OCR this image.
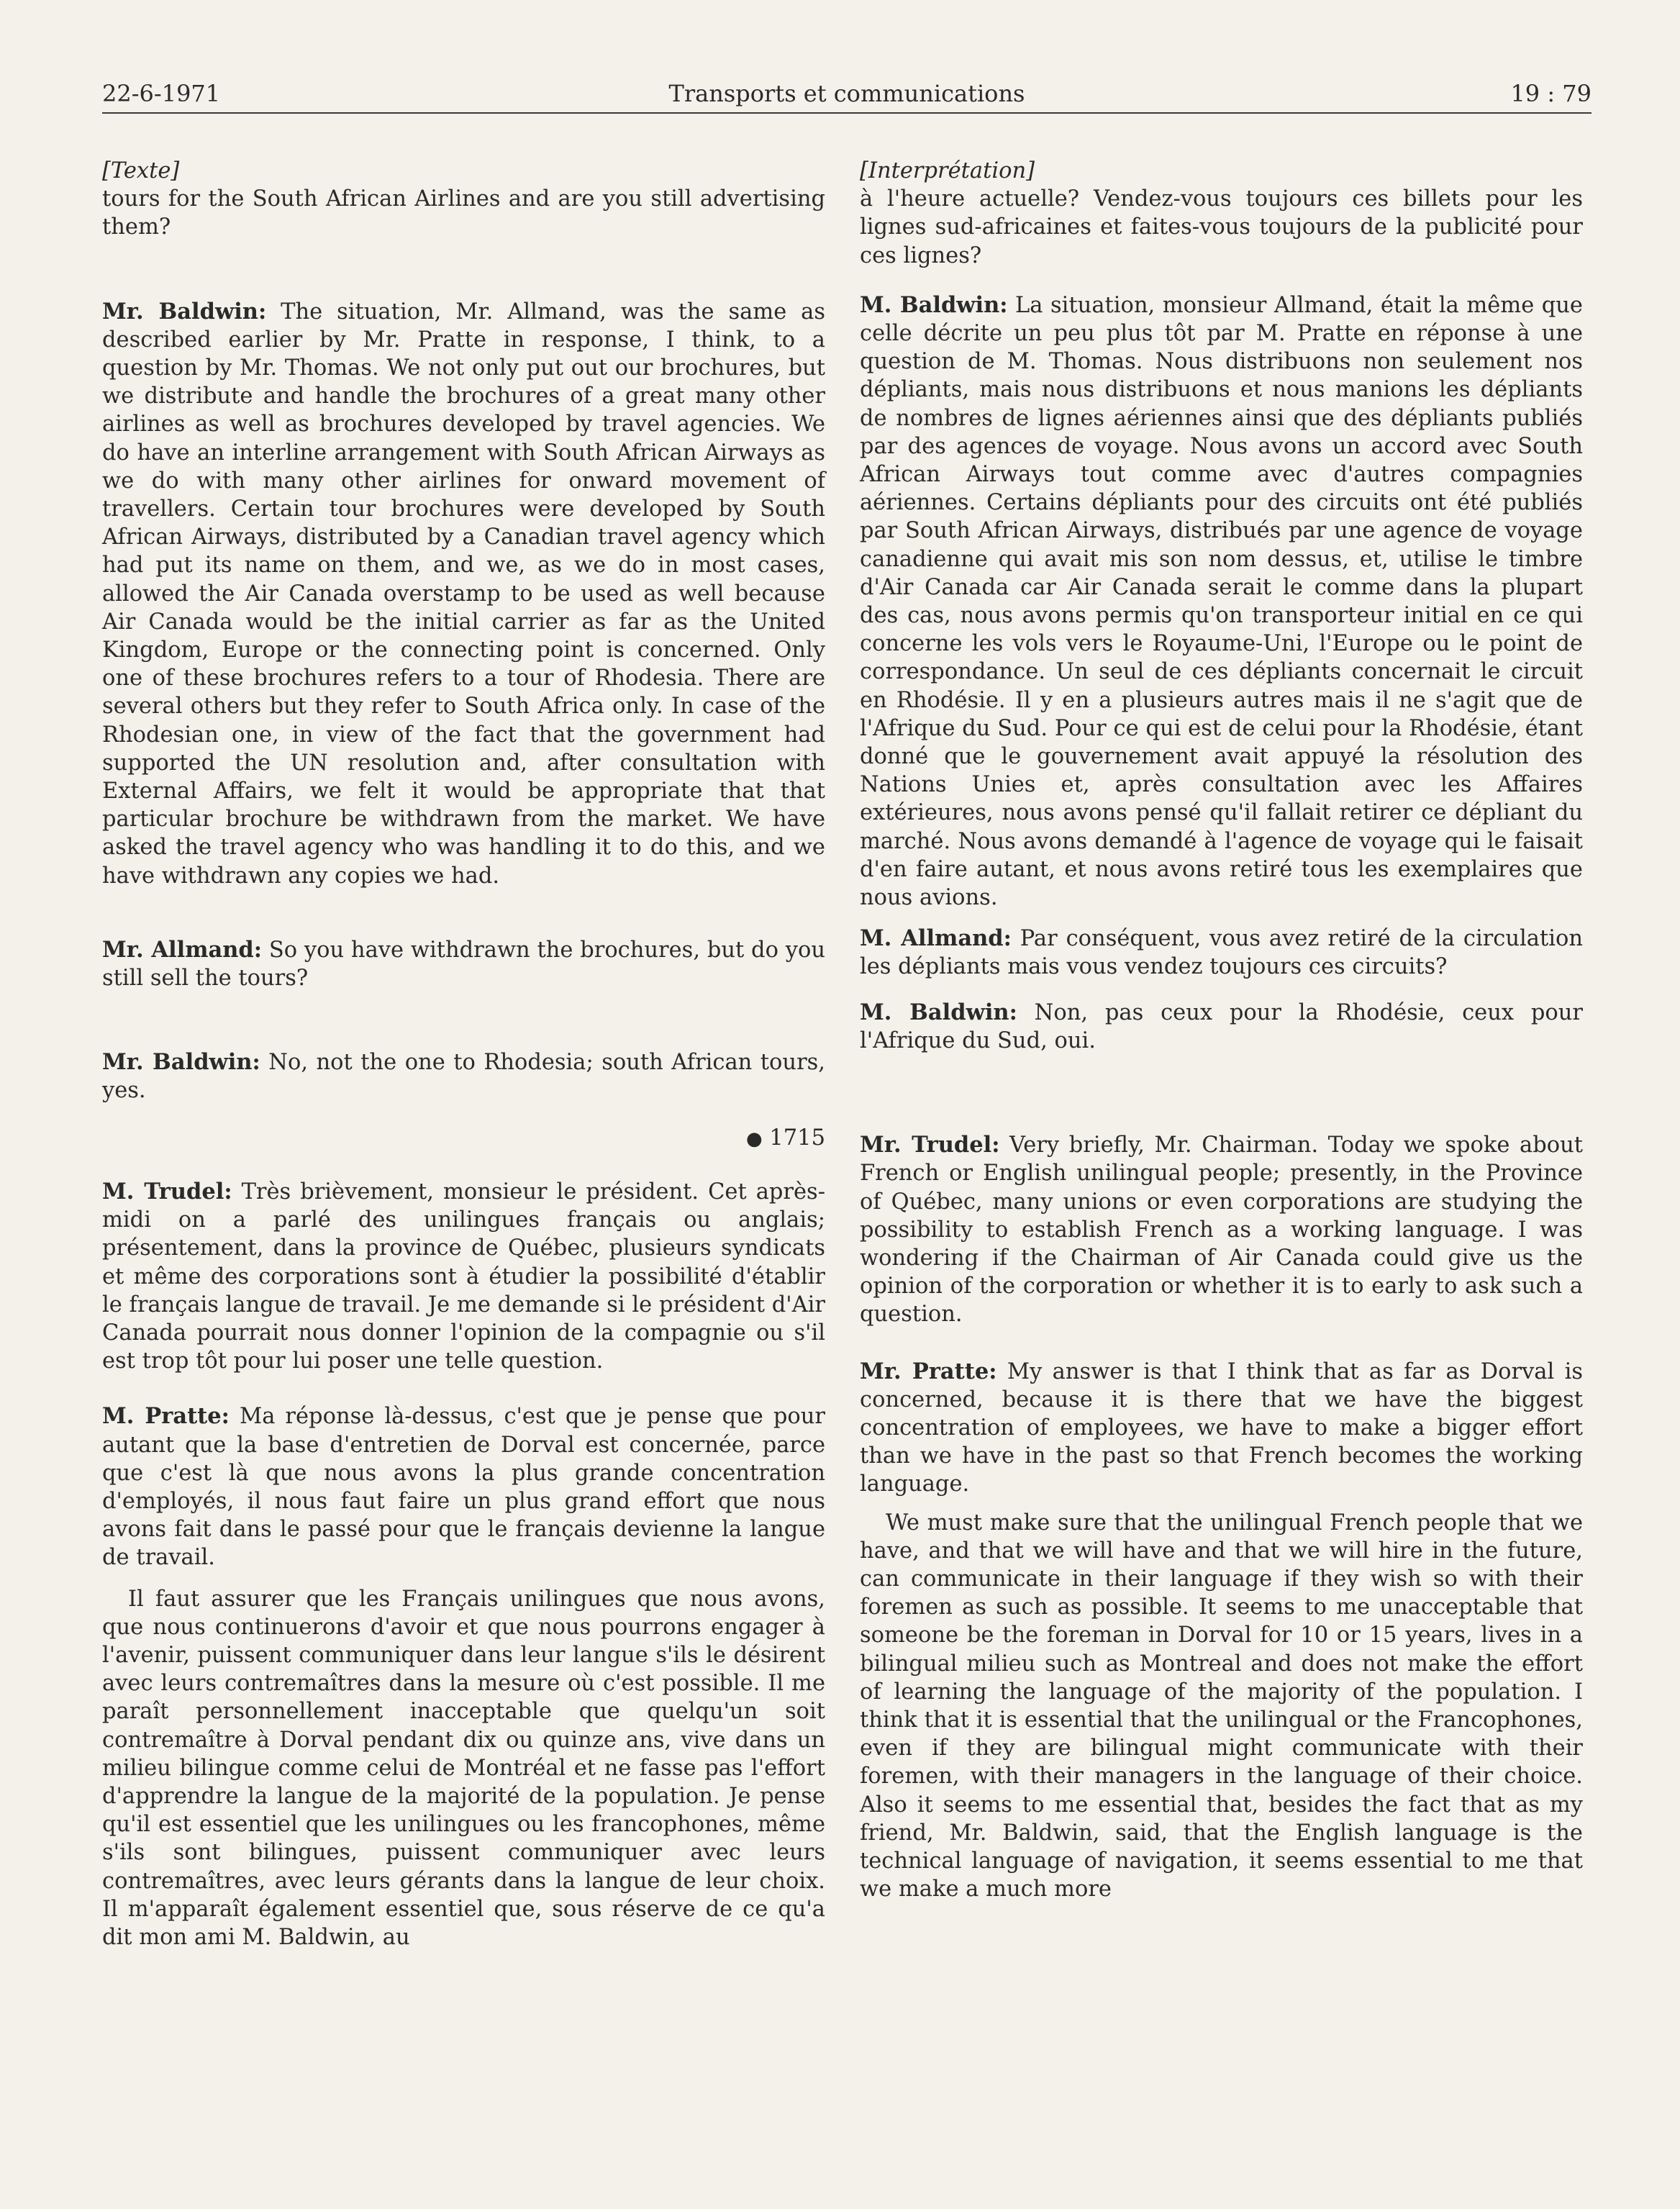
22-6-1971	Transports et communications	19 : 79

[Texte]

tours for the South African Airlines and are you still advertising them?

Mr. Baldwin: The situation, Mr. Allmand, was the same as described earlier by Mr. Pratte in response, I think, to a question by Mr. Thomas. We not only put out our brochures, but we distribute and handle the brochures of a great many other airlines as well as brochures developed by travel agencies. We do have an interline arrangement with South African Airways as we do with many other airlines for onward movement of travellers. Certain tour brochures were developed by South African Airways, distributed by a Canadian travel agency which had put its name on them, and we, as we do in most cases, allowed the Air Canada overstamp to be used as well because Air Canada would be the initial carrier as far as the United Kingdom, Europe or the connecting point is concerned. Only one of these brochures refers to a tour of Rhodesia. There are several others but they refer to South Africa only. In case of the Rhodesian one, in view of the fact that the government had supported the UN resolution and, after consultation with External Affairs, we felt it would be appropriate that that particular brochure be withdrawn from the market. We have asked the travel agency who was handling it to do this, and we have withdrawn any copies we had.

Mr. Allmand: So you have withdrawn the brochures, but do you still sell the tours?

Mr. Baldwin: No, not the one to Rhodesia; south African tours, yes.

● 1715

M. Trudel: Très brièvement, monsieur le président. Cet après-midi on a parlé des unilingues français ou anglais; présentement, dans la province de Québec, plusieurs syndicats et même des corporations sont à étudier la possibilité d'établir le français langue de travail. Je me demande si le président d'Air Canada pourrait nous donner l'opinion de la compagnie ou s'il est trop tôt pour lui poser une telle question.

M. Pratte: Ma réponse là-dessus, c'est que je pense que pour autant que la base d'entretien de Dorval est concernée, parce que c'est là que nous avons la plus grande concentration d'employés, il nous faut faire un plus grand effort que nous avons fait dans le passé pour que le français devienne la langue de travail.

Il faut assurer que les Français unilingues que nous avons, que nous continuerons d'avoir et que nous pourrons engager à l'avenir, puissent communiquer dans leur langue s'ils le désirent avec leurs contremaîtres dans la mesure où c'est possible. Il me paraît personnellement inacceptable que quelqu'un soit contremaître à Dorval pendant dix ou quinze ans, vive dans un milieu bilingue comme celui de Montréal et ne fasse pas l'effort d'apprendre la langue de la majorité de la population. Je pense qu'il est essentiel que les unilingues ou les francophones, même s'ils sont bilingues, puissent communiquer avec leurs contremaîtres, avec leurs gérants dans la langue de leur choix. Il m'apparaît également essentiel que, sous réserve de ce qu'a dit mon ami M. Baldwin, au

[Interprétation]

à l'heure actuelle? Vendez-vous toujours ces billets pour les lignes sud-africaines et faites-vous toujours de la publicité pour ces lignes?

M. Baldwin: La situation, monsieur Allmand, était la même que celle décrite un peu plus tôt par M. Pratte en réponse à une question de M. Thomas. Nous distribuons non seulement nos dépliants, mais nous distribuons et nous manions les dépliants de nombres de lignes aériennes ainsi que des dépliants publiés par des agences de voyage. Nous avons un accord avec South African Airways tout comme avec d'autres compagnies aériennes. Certains dépliants pour des circuits ont été publiés par South African Airways, distribués par une agence de voyage canadienne qui avait mis son nom dessus, et, utilise le timbre d'Air Canada car Air Canada serait le comme dans la plupart des cas, nous avons permis qu'on transporteur initial en ce qui concerne les vols vers le Royaume-Uni, l'Europe ou le point de correspondance. Un seul de ces dépliants concernait le circuit en Rhodésie. Il y en a plusieurs autres mais il ne s'agit que de l'Afrique du Sud. Pour ce qui est de celui pour la Rhodésie, étant donné que le gouvernement avait appuyé la résolution des Nations Unies et, après consultation avec les Affaires extérieures, nous avons pensé qu'il fallait retirer ce dépliant du marché. Nous avons demandé à l'agence de voyage qui le faisait d'en faire autant, et nous avons retiré tous les exemplaires que nous avions.

M. Allmand: Par conséquent, vous avez retiré de la circulation les dépliants mais vous vendez toujours ces circuits?

M. Baldwin: Non, pas ceux pour la Rhodésie, ceux pour l'Afrique du Sud, oui.

Mr. Trudel: Very briefly, Mr. Chairman. Today we spoke about French or English unilingual people; presently, in the Province of Québec, many unions or even corporations are studying the possibility to establish French as a working language. I was wondering if the Chairman of Air Canada could give us the opinion of the corporation or whether it is to early to ask such a question.

Mr. Pratte: My answer is that I think that as far as Dorval is concerned, because it is there that we have the biggest concentration of employees, we have to make a bigger effort than we have in the past so that French becomes the working language.

We must make sure that the unilingual French people that we have, and that we will have and that we will hire in the future, can communicate in their language if they wish so with their foremen as such as possible. It seems to me unacceptable that someone be the foreman in Dorval for 10 or 15 years, lives in a bilingual milieu such as Montreal and does not make the effort of learning the language of the majority of the population. I think that it is essential that the unilingual or the Francophones, even if they are bilingual might communicate with their foremen, with their managers in the language of their choice. Also it seems to me essential that, besides the fact that as my friend, Mr. Baldwin, said, that the English language is the technical language of navigation, it seems essential to me that we make a much more
